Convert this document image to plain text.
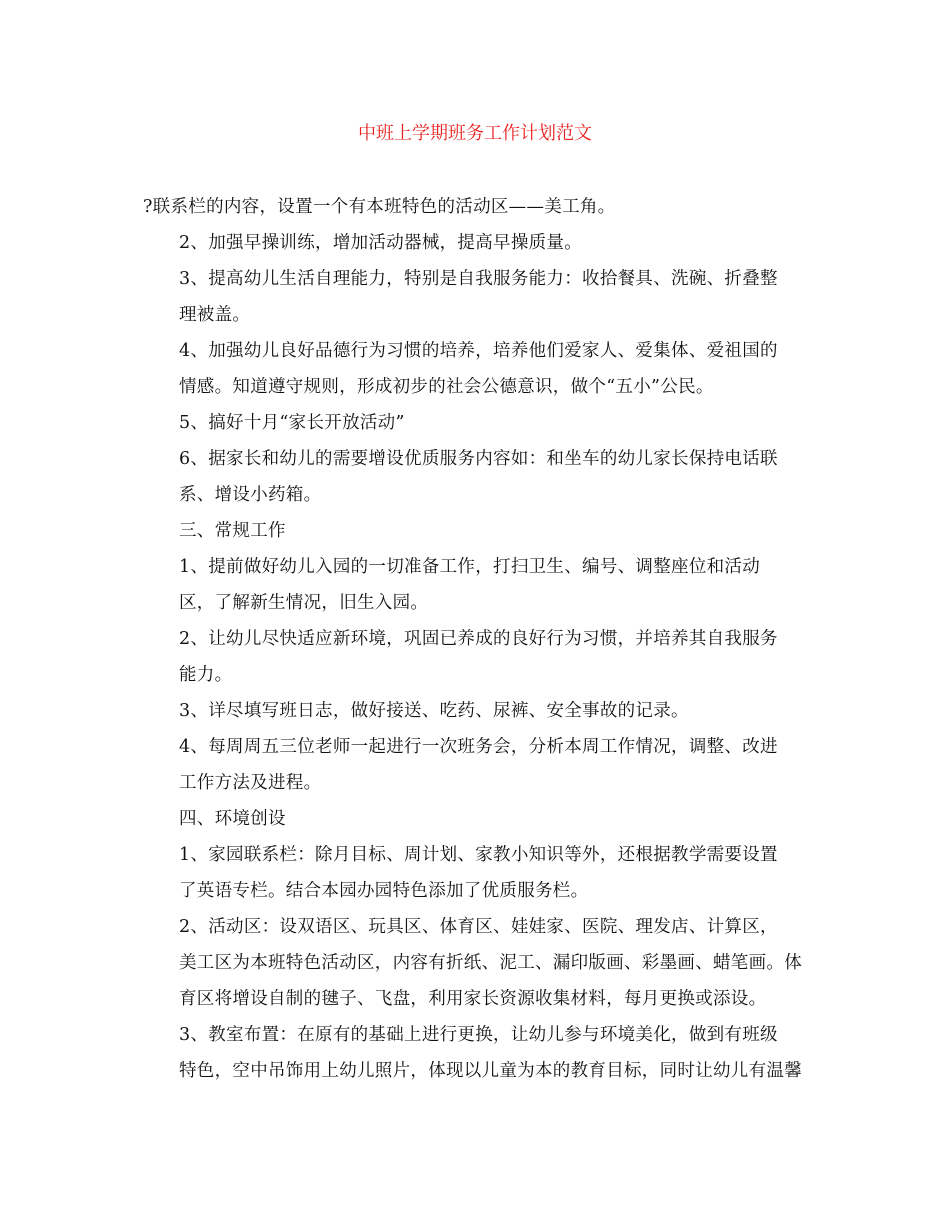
中班上学期班务工作计划范文
?联系栏的内容，设置一个有本班特色的活动区——美工角。
2、加强早操训练，增加活动器械，提高早操质量。
3、提高幼儿生活自理能力，特别是自我服务能力：收拾餐具、洗碗、折叠整
理被盖。
4、加强幼儿良好品德行为习惯的培养，培养他们爱家人、爱集体、爱祖国的
情感。知道遵守规则，形成初步的社会公德意识，做个“五小”公民。
5、搞好十月“家长开放活动”
6、据家长和幼儿的需要增设优质服务内容如：和坐车的幼儿家长保持电话联
系、增设小药箱。
三、常规工作
1、提前做好幼儿入园的一切准备工作，打扫卫生、编号、调整座位和活动
区，了解新生情况，旧生入园。
2、让幼儿尽快适应新环境，巩固已养成的良好行为习惯，并培养其自我服务
能力。
3、详尽填写班日志，做好接送、吃药、尿裤、安全事故的记录。
4、每周周五三位老师一起进行一次班务会，分析本周工作情况，调整、改进
工作方法及进程。
四、环境创设
1、家园联系栏：除月目标、周计划、家教小知识等外，还根据教学需要设置
了英语专栏。结合本园办园特色添加了优质服务栏。
2、活动区：设双语区、玩具区、体育区、娃娃家、医院、理发店、计算区，
美工区为本班特色活动区，内容有折纸、泥工、漏印版画、彩墨画、蜡笔画。体
育区将增设自制的毽子、飞盘，利用家长资源收集材料，每月更换或添设。
3、教室布置：在原有的基础上进行更换，让幼儿参与环境美化，做到有班级
特色，空中吊饰用上幼儿照片，体现以儿童为本的教育目标，同时让幼儿有温馨
